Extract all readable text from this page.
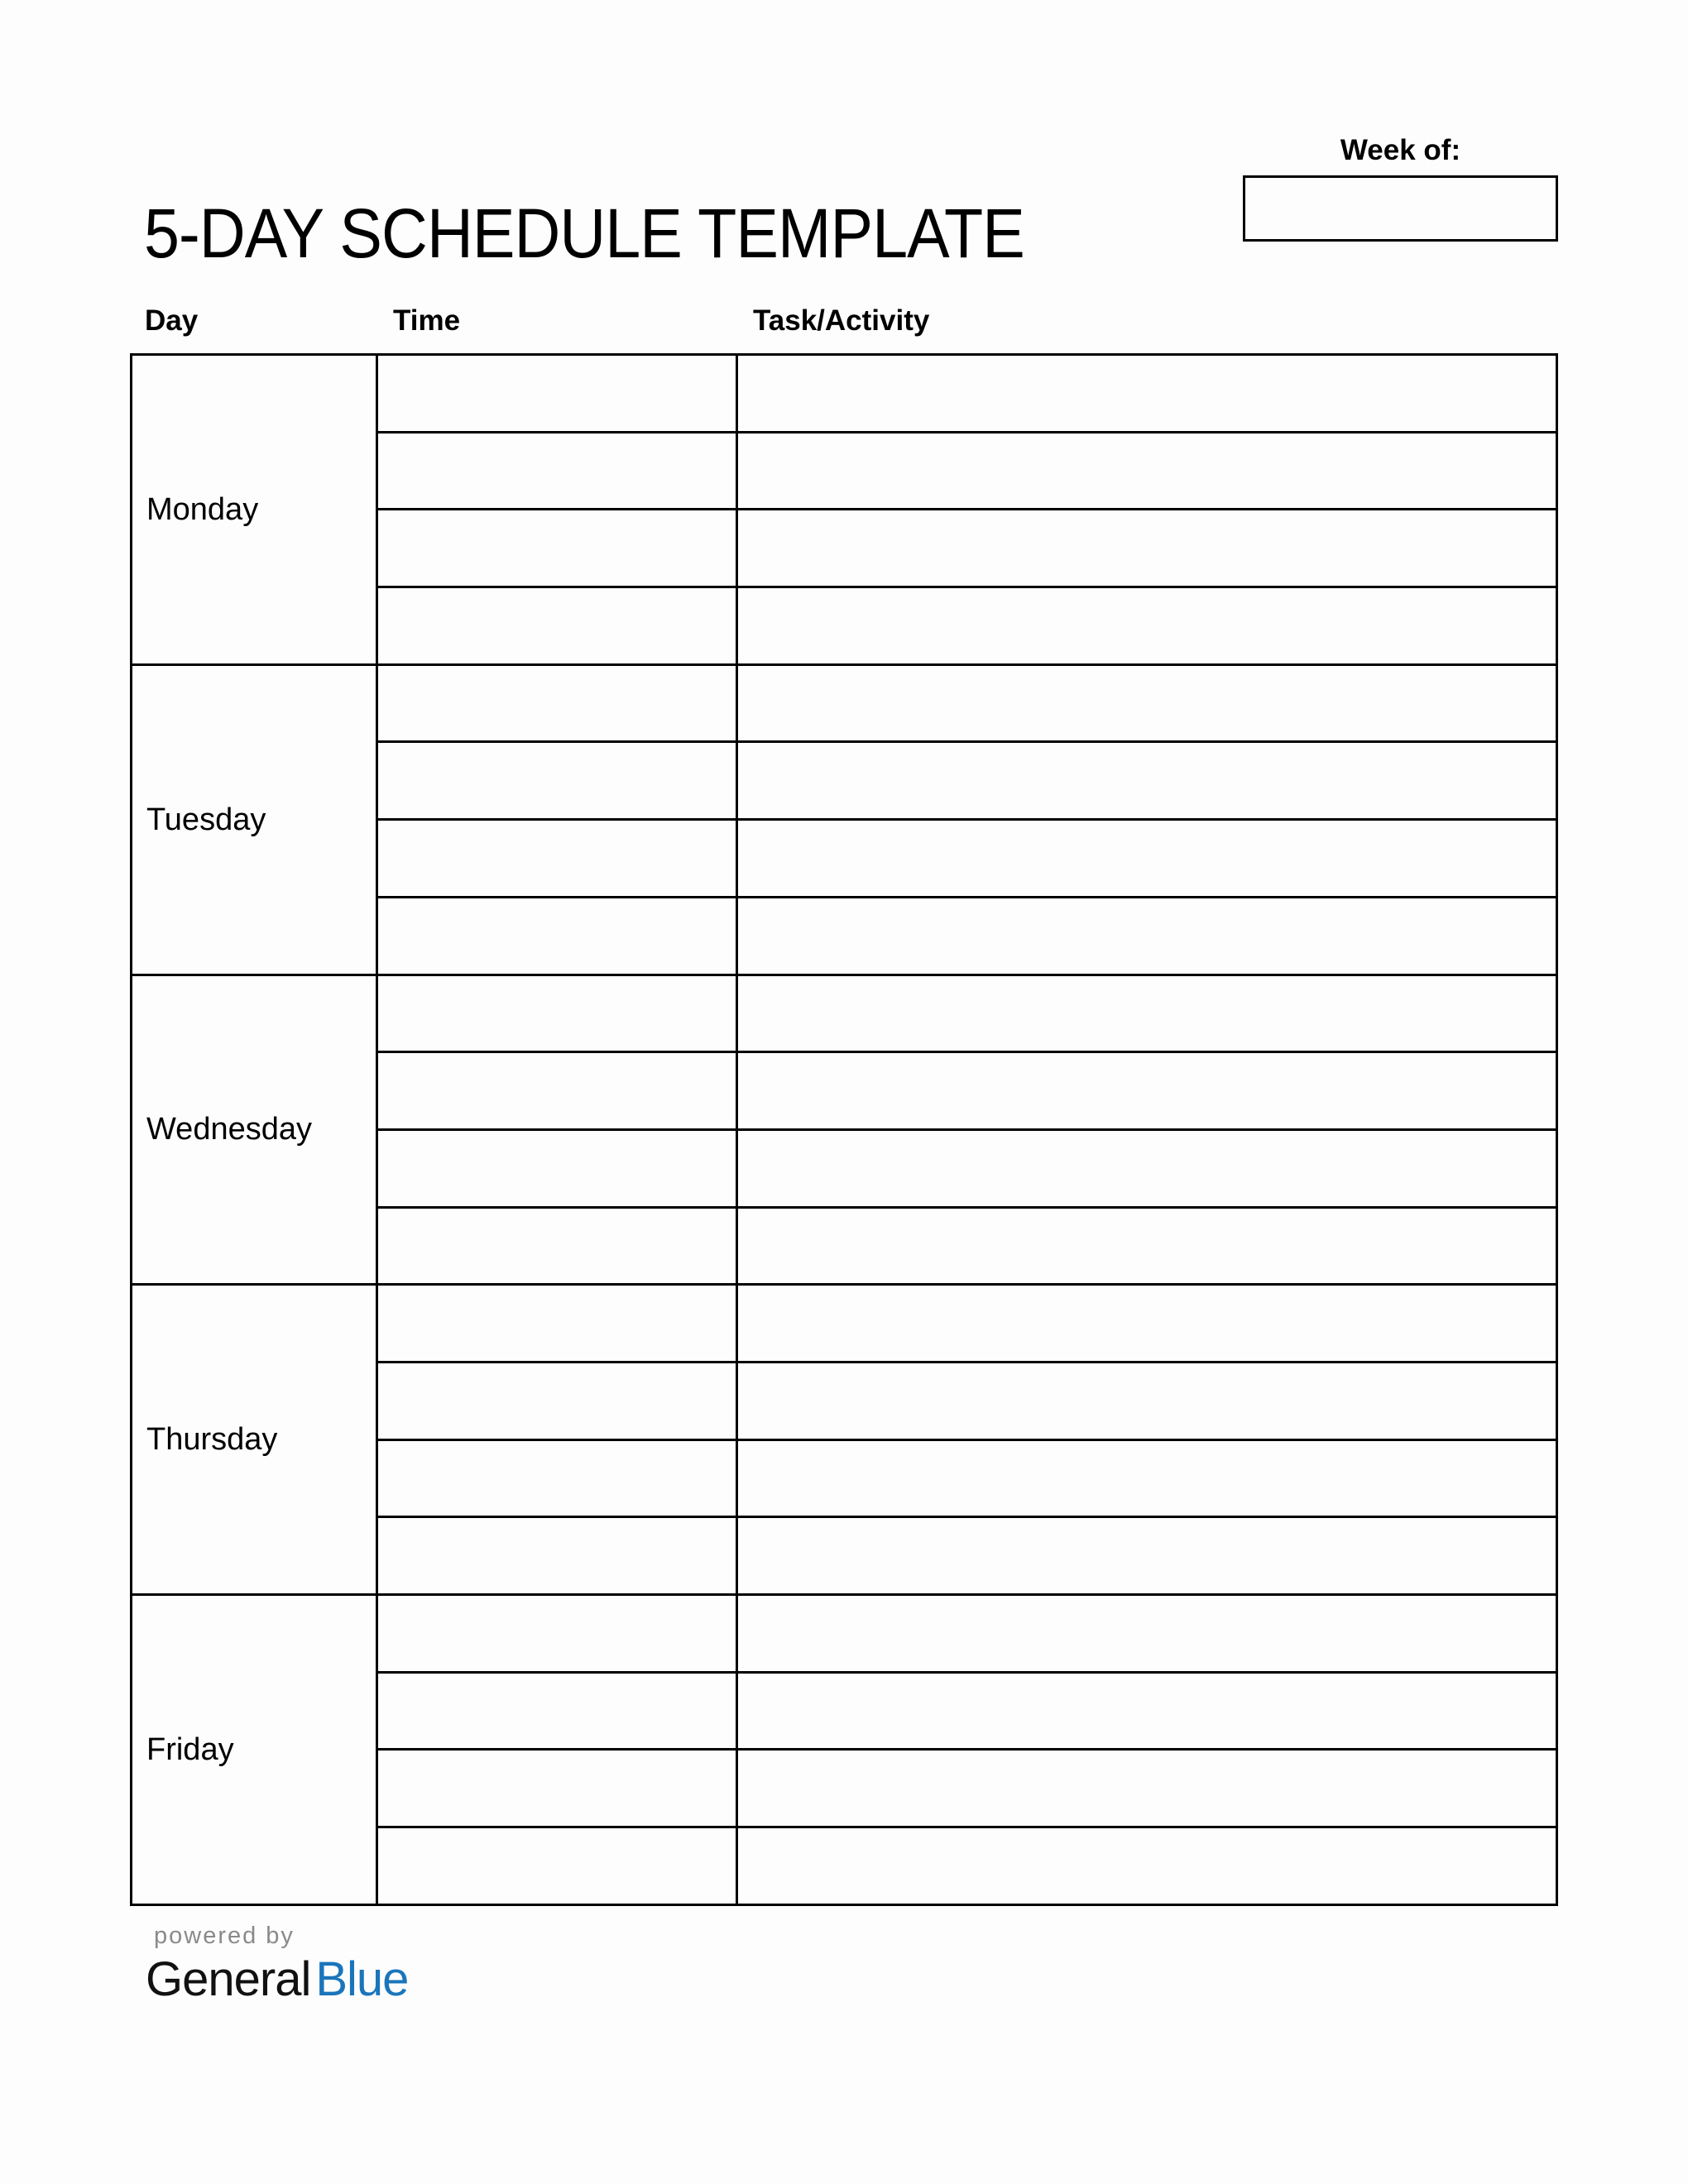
5-DAY SCHEDULE TEMPLATE
Week of:
Day	Time	Task/Activity
Monday		

Tuesday		

Wednesday		

Thursday		

Friday		

powered by
General Blue
